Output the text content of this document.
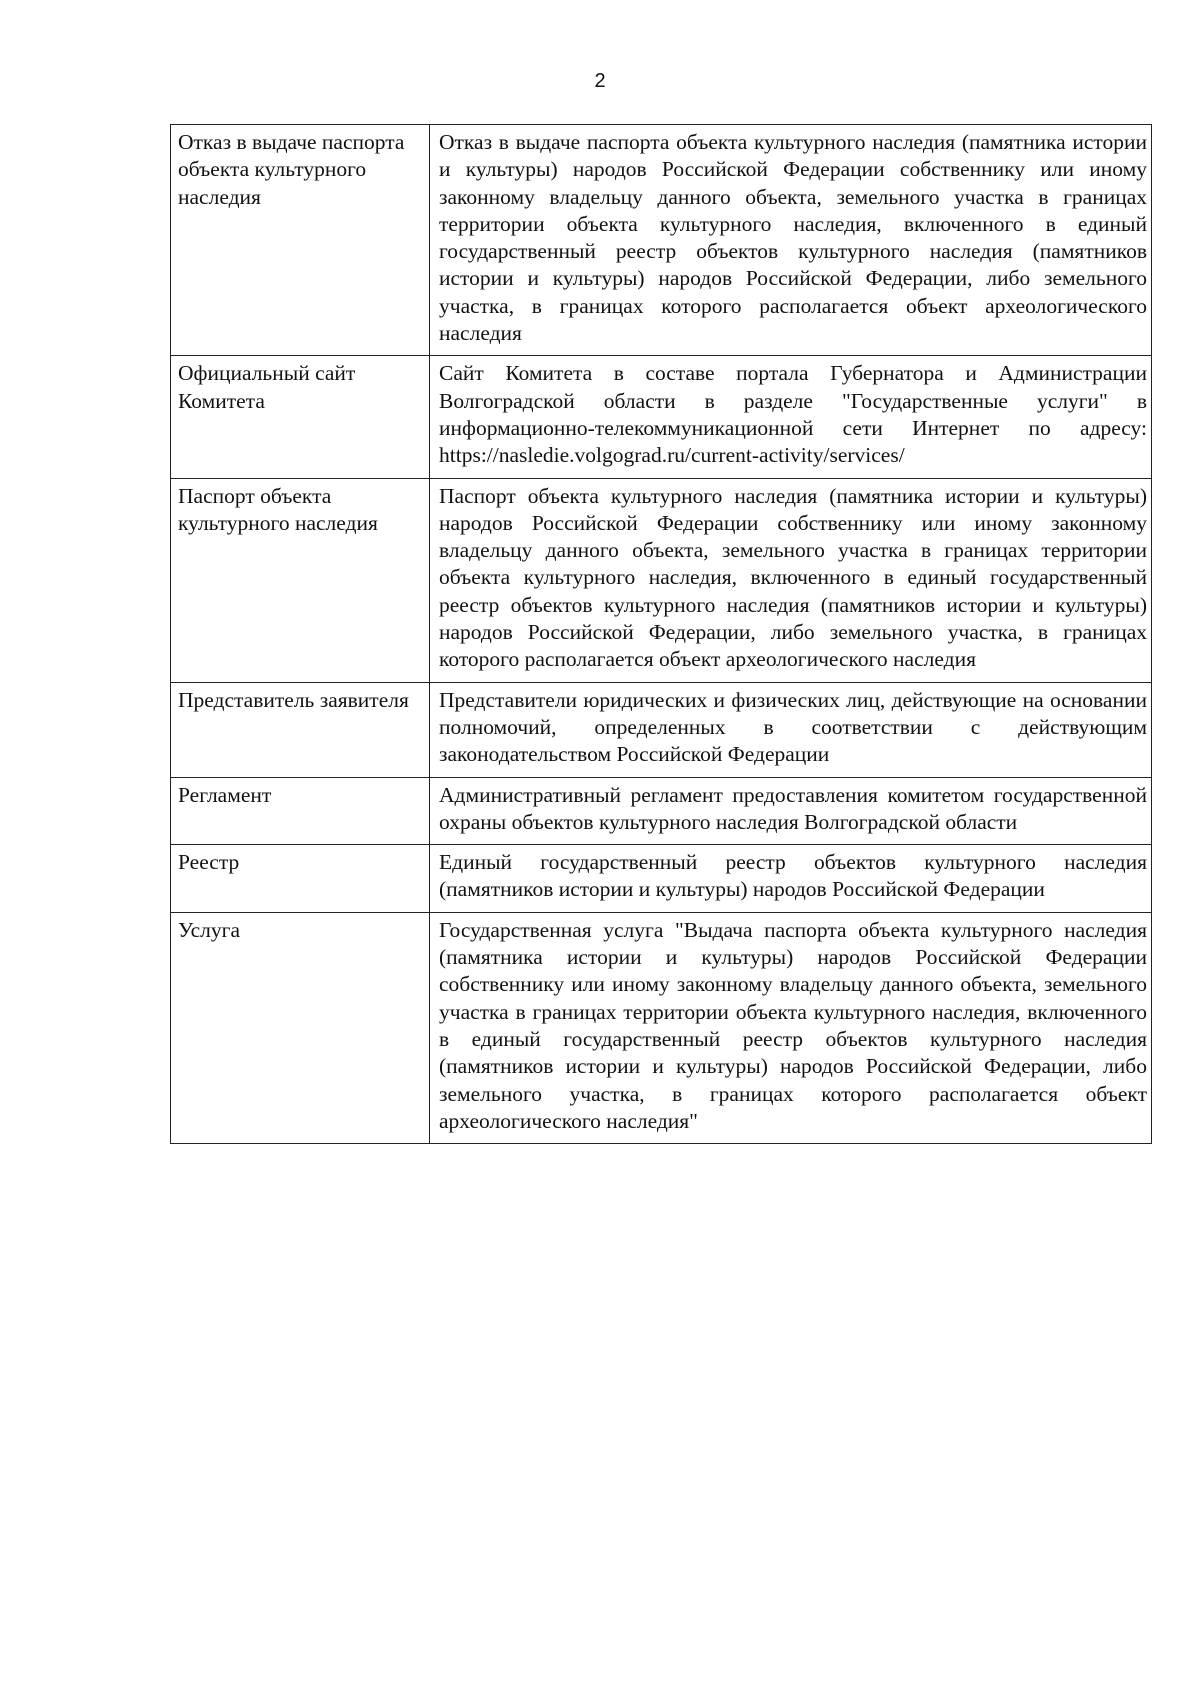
2
Отказ в выдаче паспорта объекта культурного наследия	Отказ в выдаче паспорта объекта культурного наследия (памятника истории и культуры) народов Российской Федерации собственнику или иному законному владельцу данного объекта, земельного участка в границах территории объекта культурного наследия, включенного в единый государственный реестр объектов культурного наследия (памятников истории и культуры) народов Российской Федерации, либо земельного участка, в границах которого располагается объект археологического наследия
Официальный сайт Комитета	Сайт Комитета в составе портала Губернатора и Администрации Волгоградской области в разделе "Государственные услуги" в информационно-телекоммуникационной сети Интернет по адресу: https://nasledie.volgograd.ru/current-activity/services/
Паспорт объекта культурного наследия	Паспорт объекта культурного наследия (памятника истории и культуры) народов Российской Федерации собственнику или иному законному владельцу данного объекта, земельного участка в границах территории объекта культурного наследия, включенного в единый государственный реестр объектов культурного наследия (памятников истории и культуры) народов Российской Федерации, либо земельного участка, в границах которого располагается объект археологического наследия
Представитель заявителя	Представители юридических и физических лиц, действующие на основании полномочий, определенных в соответствии с действующим законодательством Российской Федерации
Регламент	Административный регламент предоставления комитетом государственной охраны объектов культурного наследия Волгоградской области
Реестр	Единый государственный реестр объектов культурного наследия (памятников истории и культуры) народов Российской Федерации
Услуга	Государственная услуга "Выдача паспорта объекта культурного наследия (памятника истории и культуры) народов Российской Федерации собственнику или иному законному владельцу данного объекта, земельного участка в границах территории объекта культурного наследия, включенного в единый государственный реестр объектов культурного наследия (памятников истории и культуры) народов Российской Федерации, либо земельного участка, в границах которого располагается объект археологического наследия"
